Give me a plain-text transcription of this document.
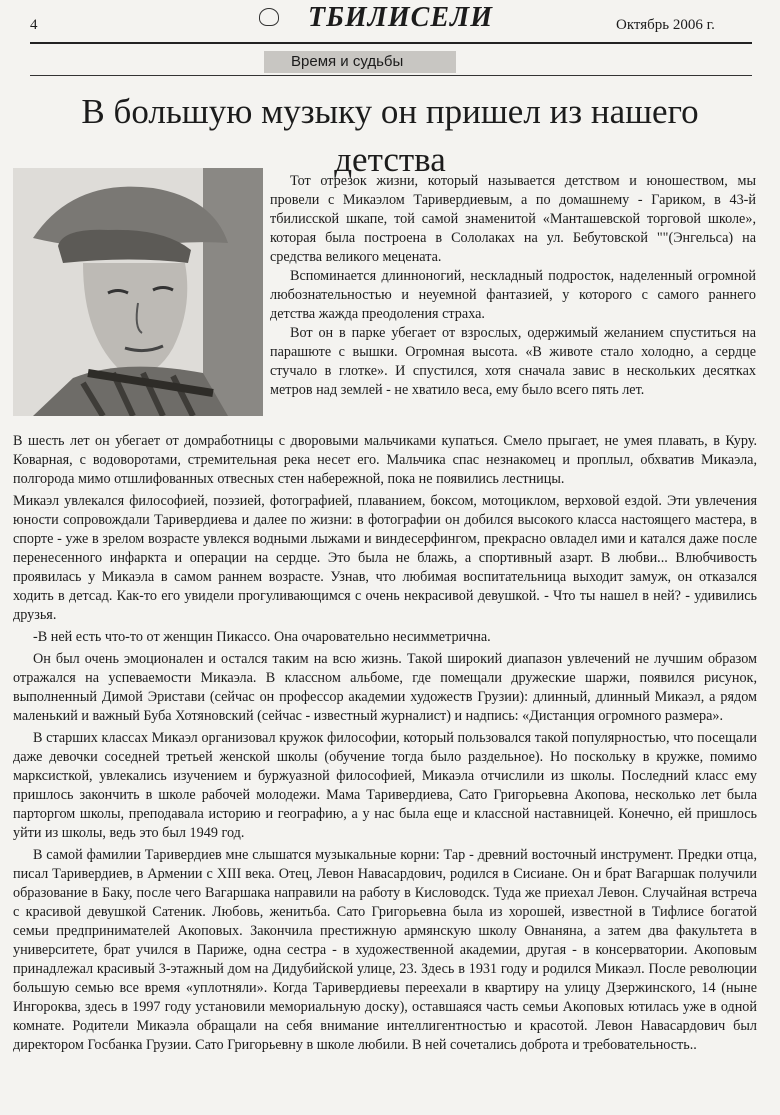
4	ТБИЛИСЕЛИ	Октябрь 2006 г.
Время и судьбы
В большую музыку он пришел из нашего детства

Тот отрезок жизни, который называется детством и юношеством, мы провели с Микаэлом Таривердиевым, а по домашнему - Гариком, в 43-й тбилисской шкапе, той самой знаменитой «Манташевской торговой школе», которая была построена в Сололаках на ул. Бебутовской ""(Энгельса) на средства великого мецената.

Вспоминается длинноногий, нескладный подросток, наделенный огромной любознательностью и неуемной фантазией, у которого с самого раннего детства жажда преодоления страха.

Вот он в парке убегает от взрослых, одержимый желанием спуститься на парашюте с вышки. Огромная высота. «В животе стало холодно, а сердце стучало в глотке». И спустился, хотя сначала завис в нескольких десятках метров над землей - не хватило веса, ему было всего пять лет.

В шесть лет он убегает от домработницы с дворовыми мальчиками купаться. Смело прыгает, не умея плавать, в Куру. Коварная, с водоворотами, стремительная река несет его. Мальчика спас незнакомец и проплыл, обхватив Микаэла, полгорода мимо отшлифованных отвесных стен набережной, пока не появились лестницы.

Микаэл увлекался философией, поэзией, фотографией, плаванием, боксом, мотоциклом, верховой ездой. Эти увлечения юности сопровождали Таривердиева и далее по жизни: в фотографии он добился высокого класса настоящего мастера, в спорте - уже в зрелом возрасте увлекся водными лыжами и виндесерфингом, прекрасно овладел ими и катался даже после перенесенного инфаркта и операции на сердце. Это была не блажь, а спортивный азарт. В любви... Влюбчивость проявилась у Микаэла в самом раннем возрасте. Узнав, что любимая воспитательница выходит замуж, он отказался ходить в детсад. Как-то его увидели прогуливающимся с очень некрасивой девушкой. - Что ты нашел в ней? - удивились друзья.

-В ней есть что-то от женщин Пикассо. Она очаровательно несимметрична.

Он был очень эмоционален и остался таким на всю жизнь. Такой широкий диапазон увлечений не лучшим образом отражался на успеваемости Микаэла. В классном альбоме, где помещали дружеские шаржи, появился рисунок, выполненный Димой Эристави (сейчас он профессор академии художеств Грузии): длинный, длинный Микаэл, а рядом маленький и важный Буба Хотяновский (сейчас - известный журналист) и надпись: «Дистанция огромного размера».

В старших классах Микаэл организовал кружок философии, который пользовался такой популярностью, что посещали даже девочки соседней третьей женской школы (обучение тогда было раздельное). Но поскольку в кружке, помимо марксисткой, увлекались изучением и буржуазной философией, Микаэла отчислили из школы. Последний класс ему пришлось закончить в школе рабочей молодежи. Мама Таривердиева, Сато Григорьевна Акопова, несколько лет была парторгом школы, преподавала историю и географию, а у нас была еще и классной наставницей. Конечно, ей пришлось уйти из школы, ведь это был 1949 год.

В самой фамилии Таривердиев мне слышатся музыкальные корни: Тар - древний восточный инструмент. Предки отца, писал Таривердиев, в Армении с XIII века. Отец, Левон Навасардович, родился в Сисиане. Он и брат Вагаршак получили образование в Баку, после чего Вагаршака направили на работу в Кисловодск. Туда же приехал Левон. Случайная встреча с красивой девушкой Сатеник. Любовь, женитьба. Сато Григорьевна была из хорошей, известной в Тифлисе богатой семьи предпринимателей Акоповых. Закончила престижную армянскую школу Овнаняна, а затем два факультета в университете, брат учился в Париже, одна сестра - в художественной академии, другая - в консерватории. Акоповым принадлежал красивый 3-этажный дом на Дидубийской улице, 23. Здесь в 1931 году и родился Микаэл. После революции большую семью все время «уплотняли». Когда Таривердиевы переехали в квартиру на улицу Дзержинского, 14 (ныне Ингороква, здесь в 1997 году установили мемориальную доску), оставшаяся часть семьи Акоповых ютилась уже в одной комнате. Родители Микаэла обращали на себя внимание интеллигентностью и красотой. Левон Навасардович был директором Госбанка Грузии. Сато Григорьевну в школе любили. В ней сочетались доброта и требовательность..
